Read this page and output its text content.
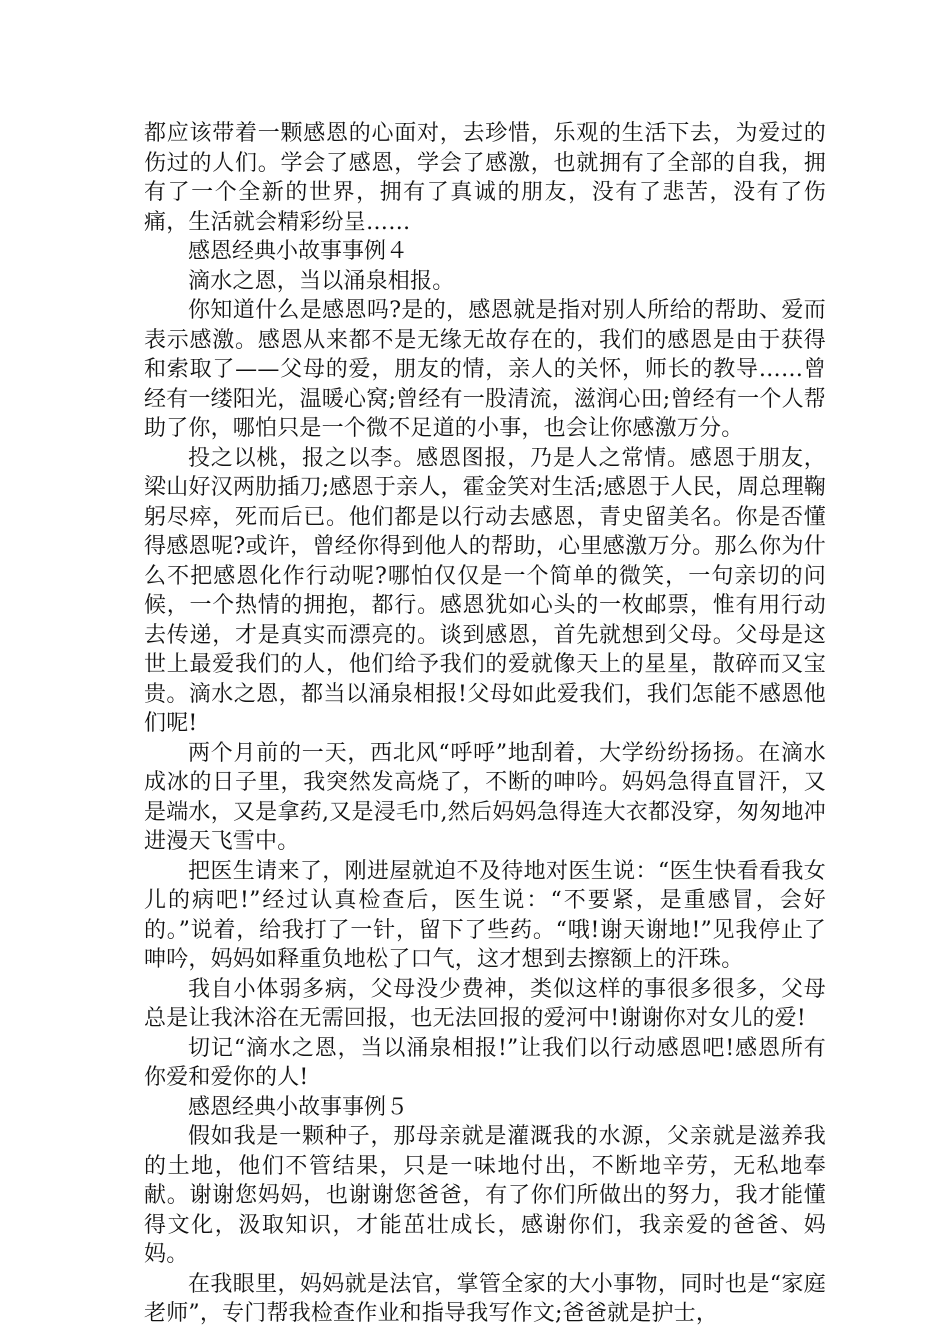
都应该带着一颗感恩的心面对，去珍惜，乐观的生活下去，为爱过的伤过的人们。学会了感恩，学会了感激，也就拥有了全部的自我，拥有了一个全新的世界，拥有了真诚的朋友，没有了悲苦，没有了伤痛，生活就会精彩纷呈……

感恩经典小故事事例４

滴水之恩，当以涌泉相报。

你知道什么是感恩吗?是的，感恩就是指对别人所给的帮助、爱而表示感激。感恩从来都不是无缘无故存在的，我们的感恩是由于获得和索取了——父母的爱，朋友的情，亲人的关怀，师长的教导……曾经有一缕阳光，温暖心窝;曾经有一股清流，滋润心田;曾经有一个人帮助了你，哪怕只是一个微不足道的小事，也会让你感激万分。

投之以桃，报之以李。感恩图报，乃是人之常情。感恩于朋友，梁山好汉两肋插刀;感恩于亲人，霍金笑对生活;感恩于人民，周总理鞠躬尽瘁，死而后已。他们都是以行动去感恩，青史留美名。你是否懂得感恩呢?或许，曾经你得到他人的帮助，心里感激万分。那么你为什么不把感恩化作行动呢?哪怕仅仅是一个简单的微笑，一句亲切的问候，一个热情的拥抱，都行。感恩犹如心头的一枚邮票，惟有用行动去传递，才是真实而漂亮的。谈到感恩，首先就想到父母。父母是这世上最爱我们的人，他们给予我们的爱就像天上的星星，散碎而又宝贵。滴水之恩，都当以涌泉相报!父母如此爱我们，我们怎能不感恩他们呢!

两个月前的一天，西北风“呼呼”地刮着，大学纷纷扬扬。在滴水成冰的日子里，我突然发高烧了，不断的呻吟。妈妈急得直冒汗，又是端水，又是拿药,又是浸毛巾,然后妈妈急得连大衣都没穿，匆匆地冲进漫天飞雪中。

把医生请来了，刚进屋就迫不及待地对医生说：“医生快看看我女儿的病吧!”经过认真检查后，医生说：“不要紧，是重感冒，会好的。”说着，给我打了一针，留下了些药。“哦!谢天谢地!”见我停止了呻吟，妈妈如释重负地松了口气，这才想到去擦额上的汗珠。

我自小体弱多病，父母没少费神，类似这样的事很多很多，父母总是让我沐浴在无需回报，也无法回报的爱河中!谢谢你对女儿的爱!

切记“滴水之恩，当以涌泉相报!”让我们以行动感恩吧!感恩所有你爱和爱你的人!

感恩经典小故事事例５

假如我是一颗种子，那母亲就是灌溉我的水源，父亲就是滋养我的土地，他们不管结果，只是一味地付出，不断地辛劳，无私地奉献。谢谢您妈妈，也谢谢您爸爸，有了你们所做出的努力，我才能懂得文化，汲取知识，才能茁壮成长，感谢你们，我亲爱的爸爸、妈妈。

在我眼里，妈妈就是法官，掌管全家的大小事物，同时也是“家庭老师”，专门帮我检查作业和指导我写作文;爸爸就是护士，
